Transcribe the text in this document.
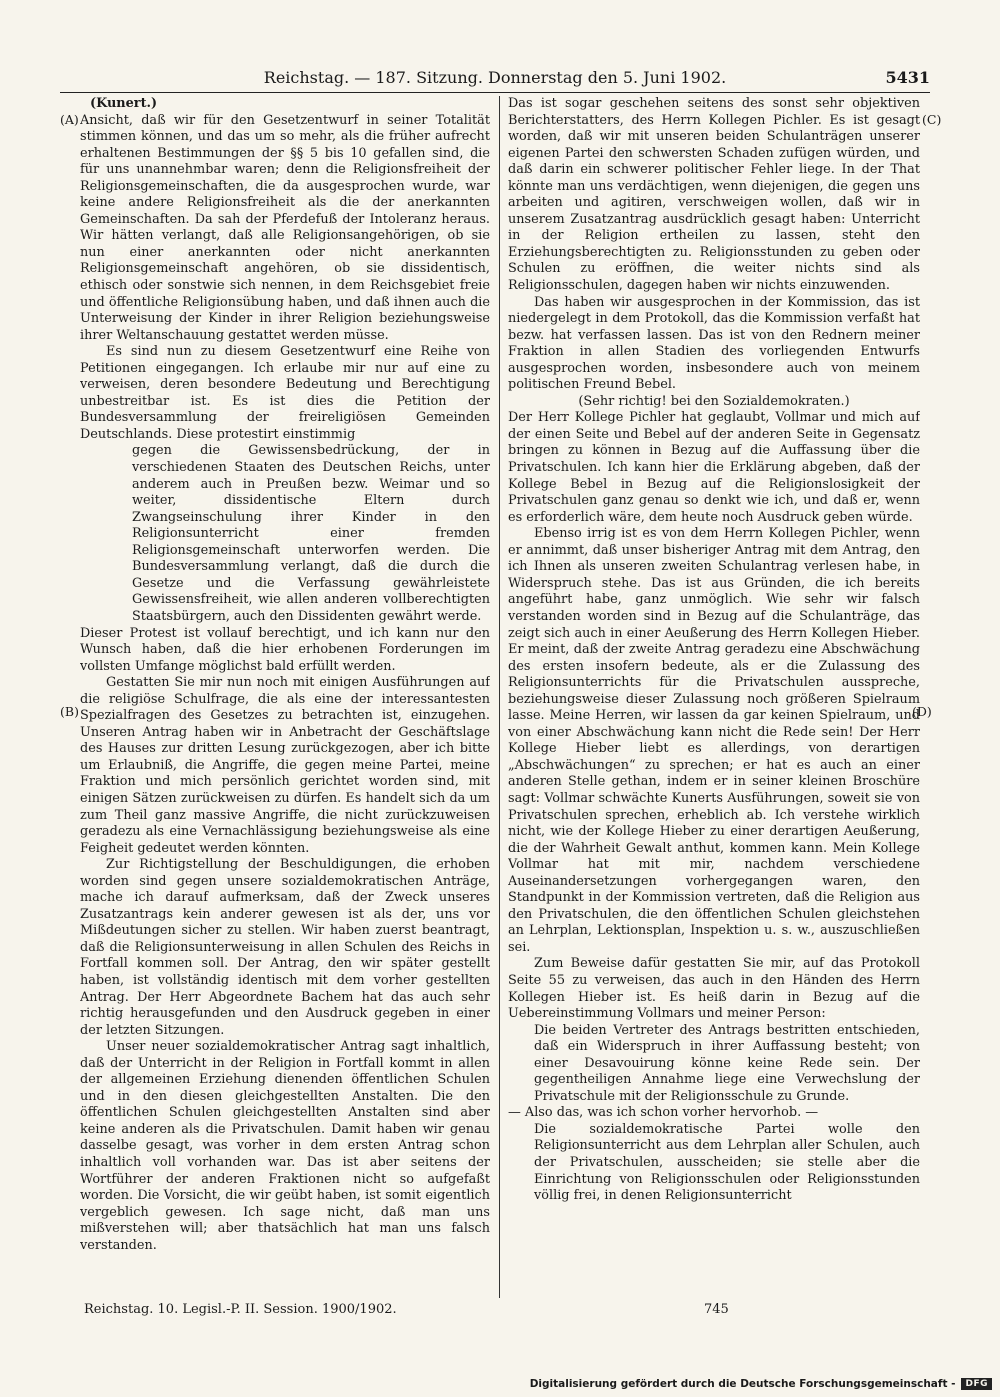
Reichstag. — 187. Sitzung. Donnerstag den 5. Juni 1902.	5431
(A)
(B)
(C)
(D)

(Kunert.)

Ansicht, daß wir für den Gesetzentwurf in seiner Totalität stimmen können, und das um so mehr, als die früher aufrecht erhaltenen Bestimmungen der §§ 5 bis 10 gefallen sind, die für uns unannehmbar waren; denn die Religionsfreiheit der Religionsgemeinschaften, die da ausgesprochen wurde, war keine andere Religionsfreiheit als die der anerkannten Gemeinschaften. Da sah der Pferdefuß der Intoleranz heraus. Wir hätten verlangt, daß alle Religionsangehörigen, ob sie nun einer anerkannten oder nicht anerkannten Religionsgemeinschaft angehören, ob sie dissidentisch, ethisch oder sonstwie sich nennen, in dem Reichsgebiet freie und öffentliche Religionsübung haben, und daß ihnen auch die Unterweisung der Kinder in ihrer Religion beziehungsweise ihrer Weltanschauung gestattet werden müsse.

Es sind nun zu diesem Gesetzentwurf eine Reihe von Petitionen eingegangen. Ich erlaube mir nur auf eine zu verweisen, deren besondere Bedeutung und Berechtigung unbestreitbar ist. Es ist dies die Petition der Bundesversammlung der freireligiösen Gemeinden Deutschlands. Diese protestirt einstimmig

gegen die Gewissensbedrückung, der in verschiedenen Staaten des Deutschen Reichs, unter anderem auch in Preußen bezw. Weimar und so weiter, dissidentische Eltern durch Zwangseinschulung ihrer Kinder in den Religionsunterricht einer fremden Religionsgemeinschaft unterworfen werden. Die Bundesversammlung verlangt, daß die durch die Gesetze und die Verfassung gewährleistete Gewissensfreiheit, wie allen anderen vollberechtigten Staatsbürgern, auch den Dissidenten gewährt werde.

Dieser Protest ist vollauf berechtigt, und ich kann nur den Wunsch haben, daß die hier erhobenen Forderungen im vollsten Umfange möglichst bald erfüllt werden.

Gestatten Sie mir nun noch mit einigen Ausführungen auf die religiöse Schulfrage, die als eine der interessantesten Spezialfragen des Gesetzes zu betrachten ist, einzugehen. Unseren Antrag haben wir in Anbetracht der Geschäftslage des Hauses zur dritten Lesung zurückgezogen, aber ich bitte um Erlaubniß, die Angriffe, die gegen meine Partei, meine Fraktion und mich persönlich gerichtet worden sind, mit einigen Sätzen zurückweisen zu dürfen. Es handelt sich da um zum Theil ganz massive Angriffe, die nicht zurückzuweisen geradezu als eine Vernachlässigung beziehungsweise als eine Feigheit gedeutet werden könnten.

Zur Richtigstellung der Beschuldigungen, die erhoben worden sind gegen unsere sozialdemokratischen Anträge, mache ich darauf aufmerksam, daß der Zweck unseres Zusatzantrags kein anderer gewesen ist als der, uns vor Mißdeutungen sicher zu stellen. Wir haben zuerst beantragt, daß die Religionsunterweisung in allen Schulen des Reichs in Fortfall kommen soll. Der Antrag, den wir später gestellt haben, ist vollständig identisch mit dem vorher gestellten Antrag. Der Herr Abgeordnete Bachem hat das auch sehr richtig herausgefunden und den Ausdruck gegeben in einer der letzten Sitzungen.

Unser neuer sozialdemokratischer Antrag sagt inhaltlich, daß der Unterricht in der Religion in Fortfall kommt in allen der allgemeinen Erziehung dienenden öffentlichen Schulen und in den diesen gleichgestellten Anstalten. Die den öffentlichen Schulen gleichgestellten Anstalten sind aber keine anderen als die Privatschulen. Damit haben wir genau dasselbe gesagt, was vorher in dem ersten Antrag schon inhaltlich voll vorhanden war. Das ist aber seitens der Wortführer der anderen Fraktionen nicht so aufgefaßt worden. Die Vorsicht, die wir geübt haben, ist somit eigentlich vergeblich gewesen. Ich sage nicht, daß man uns mißverstehen will; aber thatsächlich hat man uns falsch verstanden.

Das ist sogar geschehen seitens des sonst sehr objektiven Berichterstatters, des Herrn Kollegen Pichler. Es ist gesagt worden, daß wir mit unseren beiden Schulanträgen unserer eigenen Partei den schwersten Schaden zufügen würden, und daß darin ein schwerer politischer Fehler liege. In der That könnte man uns verdächtigen, wenn diejenigen, die gegen uns arbeiten und agitiren, verschweigen wollen, daß wir in unserem Zusatzantrag ausdrücklich gesagt haben: Unterricht in der Religion ertheilen zu lassen, steht den Erziehungsberechtigten zu. Religionsstunden zu geben oder Schulen zu eröffnen, die weiter nichts sind als Religionsschulen, dagegen haben wir nichts einzuwenden.

Das haben wir ausgesprochen in der Kommission, das ist niedergelegt in dem Protokoll, das die Kommission verfaßt hat bezw. hat verfassen lassen. Das ist von den Rednern meiner Fraktion in allen Stadien des vorliegenden Entwurfs ausgesprochen worden, insbesondere auch von meinem politischen Freund Bebel.

(Sehr richtig! bei den Sozialdemokraten.)

Der Herr Kollege Pichler hat geglaubt, Vollmar und mich auf der einen Seite und Bebel auf der anderen Seite in Gegensatz bringen zu können in Bezug auf die Auffassung über die Privatschulen. Ich kann hier die Erklärung abgeben, daß der Kollege Bebel in Bezug auf die Religionslosigkeit der Privatschulen ganz genau so denkt wie ich, und daß er, wenn es erforderlich wäre, dem heute noch Ausdruck geben würde.

Ebenso irrig ist es von dem Herrn Kollegen Pichler, wenn er annimmt, daß unser bisheriger Antrag mit dem Antrag, den ich Ihnen als unseren zweiten Schulantrag verlesen habe, in Widerspruch stehe. Das ist aus Gründen, die ich bereits angeführt habe, ganz unmöglich. Wie sehr wir falsch verstanden worden sind in Bezug auf die Schulanträge, das zeigt sich auch in einer Aeußerung des Herrn Kollegen Hieber. Er meint, daß der zweite Antrag geradezu eine Abschwächung des ersten insofern bedeute, als er die Zulassung des Religionsunterrichts für die Privatschulen ausspreche, beziehungsweise dieser Zulassung noch größeren Spielraum lasse. Meine Herren, wir lassen da gar keinen Spielraum, und von einer Abschwächung kann nicht die Rede sein! Der Herr Kollege Hieber liebt es allerdings, von derartigen „Abschwächungen“ zu sprechen; er hat es auch an einer anderen Stelle gethan, indem er in seiner kleinen Broschüre sagt: Vollmar schwächte Kunerts Ausführungen, soweit sie von Privatschulen sprechen, erheblich ab. Ich verstehe wirklich nicht, wie der Kollege Hieber zu einer derartigen Aeußerung, die der Wahrheit Gewalt anthut, kommen kann. Mein Kollege Vollmar hat mit mir, nachdem verschiedene Auseinandersetzungen vorhergegangen waren, den Standpunkt in der Kommission vertreten, daß die Religion aus den Privatschulen, die den öffentlichen Schulen gleichstehen an Lehrplan, Lektionsplan, Inspektion u. s. w., auszuschließen sei.

Zum Beweise dafür gestatten Sie mir, auf das Protokoll Seite 55 zu verweisen, das auch in den Händen des Herrn Kollegen Hieber ist. Es heiß darin in Bezug auf die Uebereinstimmung Vollmars und meiner Person:

Die beiden Vertreter des Antrags bestritten entschieden, daß ein Widerspruch in ihrer Auffassung besteht; von einer Desavouirung könne keine Rede sein. Der gegentheiligen Annahme liege eine Verwechslung der Privatschule mit der Religionsschule zu Grunde.

— Also das, was ich schon vorher hervorhob. —

Die sozialdemokratische Partei wolle den Religionsunterricht aus dem Lehrplan aller Schulen, auch der Privatschulen, ausscheiden; sie stelle aber die Einrichtung von Religionsschulen oder Religionsstunden völlig frei, in denen Religionsunterricht

Reichstag. 10. Legisl.-P. II. Session. 1900/1902.	745
Digitalisierung gefördert durch die Deutsche Forschungsgemeinschaft -	DFG
